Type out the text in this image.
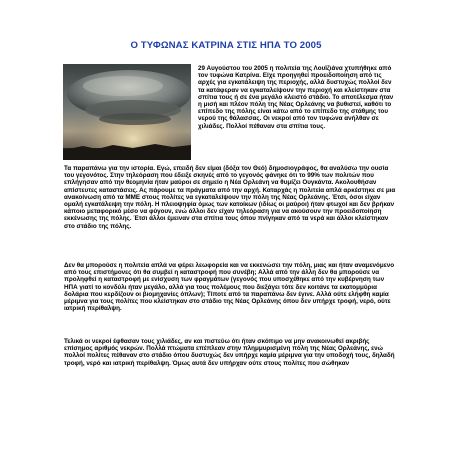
Ο ΤΥΦΩΝΑΣ ΚΑΤΡΙΝΑ ΣΤΙΣ ΗΠΑ ΤΟ 2005

29 Αυγούστου του 2005 η πολιτεία της Λουϊζιάνα χτυπήθηκε από τον τυφώνα Κατρίνα. Είχε προηγηθεί προειδοποίηση από τις αρχές για εγκατάλειψη της περιοχής, αλλά δυστυχώς πολλοί δεν τα κατάφεραν να εγκαταλείψουν την περιοχή και κλείστηκαν στα σπίτια τους ή σε ένα μεγάλο κλειστό στάδιο. Το αποτέλεσμα ήταν η μισή και πλέον πόλη της Νέας Ορλεάνης να βυθιστεί, καθότι το επίπεδο της πόλης είναι κάτω από το επίπεδο της στάθμης του νερού της θάλασσας. Οι νεκροί από τον τυφώνα ανήλθαν σε χιλιάδες. Πολλοί πέθαναν στα σπίτια τους.

Τα παραπάνω για την ιστορία. Εγώ, επειδή δεν είμαι (δόξα τον Θεό) δημοσιογράφος, θα αναλύσω την ουσία του γεγονότος. Στην τηλεόραση που έδειξε σκηνές από το γεγονός φάνηκε ότι το 99% των πολιτών που επλήγησαν από την θεομηνία ήταν μαύροι σε σημείο η Νέα Ορλεάνη να θυμίζει Ουγκάντα. Ακολουθήσαν απίστευτες καταστάσεις. Ας πάρουμε τα πράγματα από την αρχή. Καταρχάς η πολιτεία απλά αρκέστηκε σε μια ανακοίνωση από τα ΜΜΕ στους πολίτες να εγκαταλείψουν την πόλη της Νέας Ορλεάνης. Έτσι, όσοι είχαν ομαλή εγκατάλειψη την πόλη. Η πλειοψηφία όμως των κατοίκων (ιδίως οι μαύροι) ήταν φτωχοί και δεν βρήκαν κάποιο μεταφορικό μέσο να φύγουν, ενώ άλλοι δεν είχαν τηλεόραση για να ακούσουν την προειδοποίηση εκκένωσης της πόλης. Έτσι άλλοι έμειναν στα σπίτια τους όπου πνίγηκαν από τα νερά και άλλοι κλείστηκαν στο στάδιο της πόλης.

Δεν θα μπορούσε η πολιτεία απλά να φέρει λεωφορεία και να εκκενώσει την πόλη, μιας και ήταν αναμενόμενο από τους επιστήμονες ότι θα συμβεί η καταστροφή που συνέβη; Αλλά από την άλλη δεν θα μπορούσε να προληφθεί η καταστροφή με ενίσχυση των φραγμάτων (γεγονός που υποσχέθηκε από την κυβέρνηση των ΗΠΑ γιατί το κονδύλι ήταν μεγάλο, αλλά για τους πολέμους που διεξάγει τότε δεν κοιτάνε τα εκατομμύρια δολάρια που κερδίζουν οι βιομηχανίες όπλων); Τίποτε από τα παραπάνω δεν έγινε. Αλλά ούτε ελήφθη καμία μέριμνα για τους πολίτες που κλείστηκαν στο στάδιο της Νέας Ορλεάνης όπου δεν υπήρχε τροφή, νερό, ούτε ιατρική περίθαλψη.

Τελικά οι νεκροί έφθασαν τους χιλιάδες, αν και πιστεύω ότι ήταν σκόπιμο να μην ανακοινωθεί ακριβής επίσημος αριθμός νεκρών. Πολλά πτώματα επέπλεαν στην πλημμυρισμένη πόλη της Νέας Ορλεάνης, ενώ πολλοί πολίτες πέθαναν στο στάδιο όπου δυστυχώς δεν υπήρχε καμία μέριμνα για την υποδοχή τους, δηλαδή τροφή, νερό και ιατρική περίθαλψη. Όμως αυτά δεν υπήρχαν ούτε στους πολίτες που σώθηκαν
